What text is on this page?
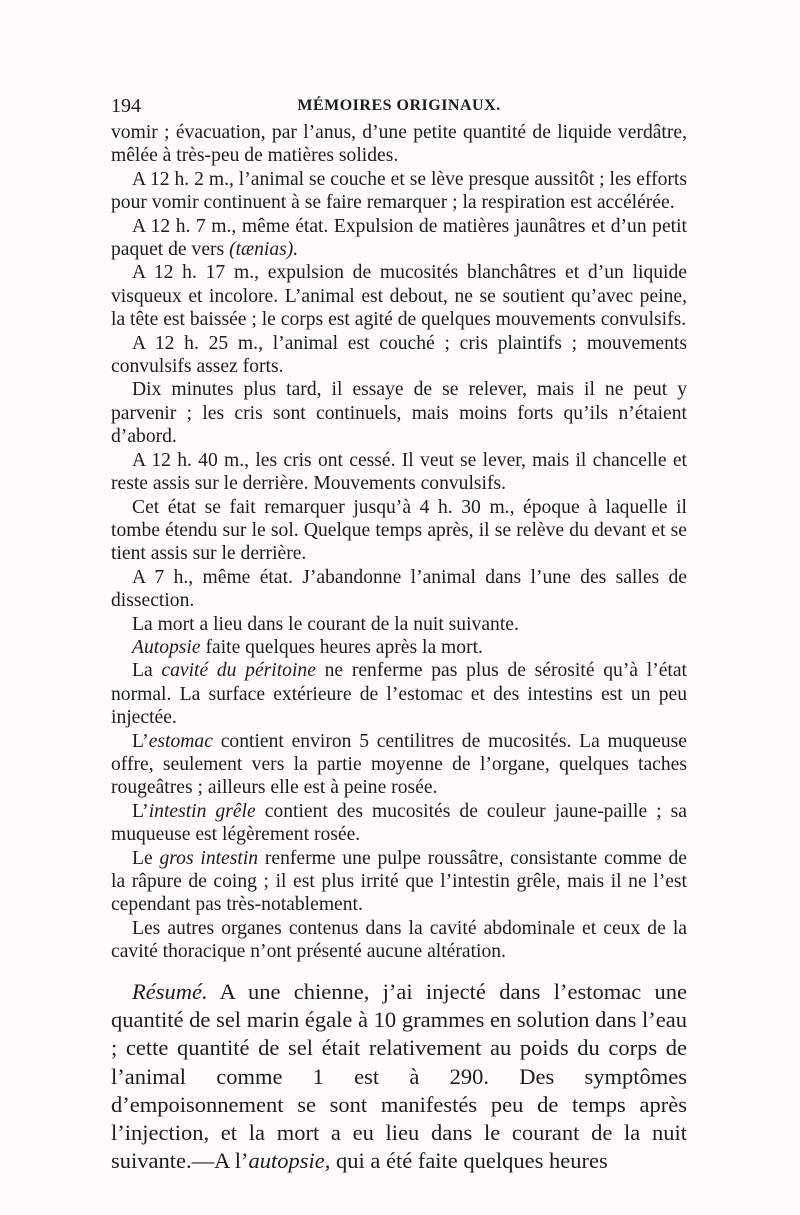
194	MÉMOIRES ORIGINAUX.

vomir ; évacuation, par l’anus, d’une petite quantité de liquide verdâtre, mêlée à très-peu de matières solides.

A 12 h. 2 m., l’animal se couche et se lève presque aussitôt ; les efforts pour vomir continuent à se faire remarquer ; la respiration est accélérée.

A 12 h. 7 m., même état. Expulsion de matières jaunâtres et d’un petit paquet de vers (tænias).

A 12 h. 17 m., expulsion de mucosités blanchâtres et d’un liquide visqueux et incolore. L’animal est debout, ne se soutient qu’avec peine, la tête est baissée ; le corps est agité de quelques mouvements convulsifs.

A 12 h. 25 m., l’animal est couché ; cris plaintifs ; mouvements convulsifs assez forts.

Dix minutes plus tard, il essaye de se relever, mais il ne peut y parvenir ; les cris sont continuels, mais moins forts qu’ils n’étaient d’abord.

A 12 h. 40 m., les cris ont cessé. Il veut se lever, mais il chancelle et reste assis sur le derrière. Mouvements convulsifs.

Cet état se fait remarquer jusqu’à 4 h. 30 m., époque à laquelle il tombe étendu sur le sol. Quelque temps après, il se relève du devant et se tient assis sur le derrière.

A 7 h., même état. J’abandonne l’animal dans l’une des salles de dissection.

La mort a lieu dans le courant de la nuit suivante.

Autopsie faite quelques heures après la mort.

La cavité du péritoine ne renferme pas plus de sérosité qu’à l’état normal. La surface extérieure de l’estomac et des intestins est un peu injectée.

L’estomac contient environ 5 centilitres de mucosités. La muqueuse offre, seulement vers la partie moyenne de l’organe, quelques taches rougeâtres ; ailleurs elle est à peine rosée.

L’intestin grêle contient des mucosités de couleur jaune-paille ; sa muqueuse est légèrement rosée.

Le gros intestin renferme une pulpe roussâtre, consistante comme de la râpure de coing ; il est plus irrité que l’intestin grêle, mais il ne l’est cependant pas très-notablement.

Les autres organes contenus dans la cavité abdominale et ceux de la cavité thoracique n’ont présenté aucune altération.

Résumé. A une chienne, j’ai injecté dans l’estomac une quantité de sel marin égale à 10 grammes en solution dans l’eau ; cette quantité de sel était relativement au poids du corps de l’animal comme 1 est à 290. Des symptômes d’empoisonnement se sont manifestés peu de temps après l’injection, et la mort a eu lieu dans le courant de la nuit suivante.—A l’autopsie, qui a été faite quelques heures
